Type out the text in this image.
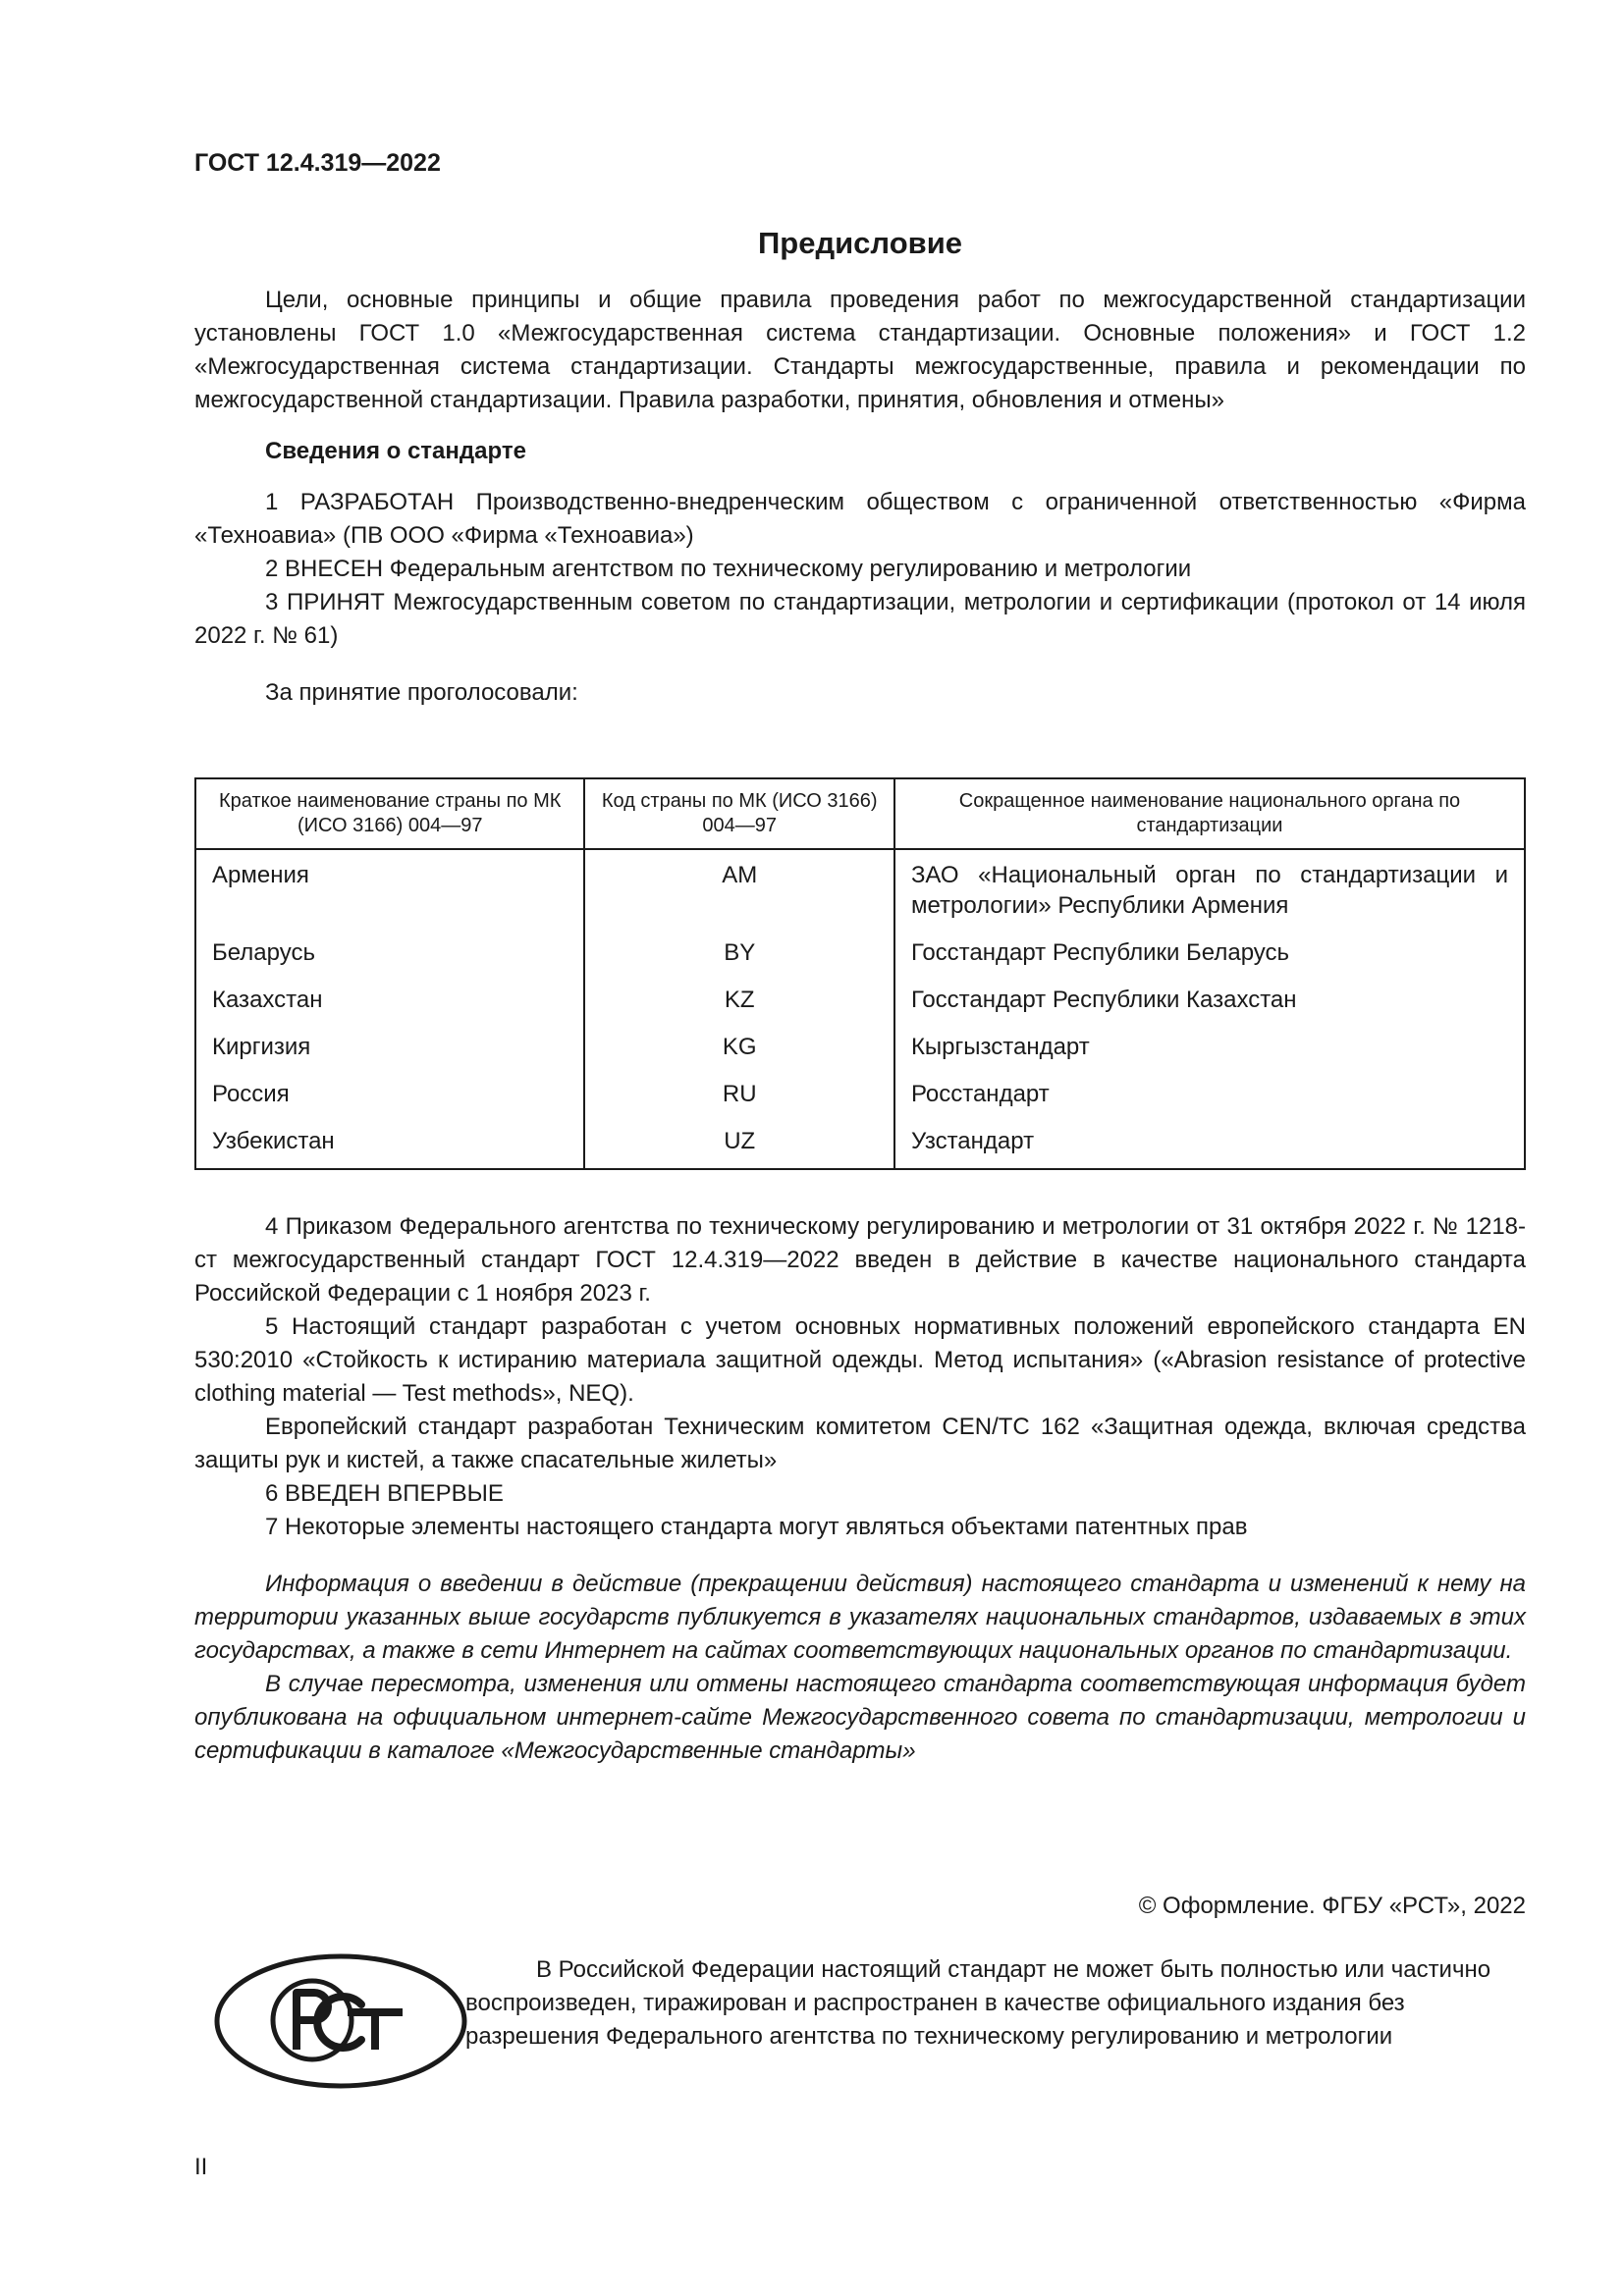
ГОСТ 12.4.319—2022
Предисловие

Цели, основные принципы и общие правила проведения работ по межгосударственной стандартизации установлены ГОСТ 1.0 «Межгосударственная система стандартизации. Основные положения» и ГОСТ 1.2 «Межгосударственная система стандартизации. Стандарты межгосударственные, правила и рекомендации по межгосударственной стандартизации. Правила разработки, принятия, обновления и отмены»

Сведения о стандарте

1 РАЗРАБОТАН Производственно-внедренческим обществом с ограниченной ответственностью «Фирма «Техноавиа» (ПВ ООО «Фирма «Техноавиа»)

2 ВНЕСЕН Федеральным агентством по техническому регулированию и метрологии

3 ПРИНЯТ Межгосударственным советом по стандартизации, метрологии и сертификации (протокол от 14 июля 2022 г. № 61)

За принятие проголосовали:

Краткое наименование страны по МК (ИСО 3166) 004—97	Код страны по МК (ИСО 3166) 004—97	Сокращенное наименование национального органа по стандартизации
Армения	AM	ЗАО «Национальный орган по стандартизации и метрологии» Республики Армения
Беларусь	BY	Госстандарт Республики Беларусь
Казахстан	KZ	Госстандарт Республики Казахстан
Киргизия	KG	Кыргызстандарт
Россия	RU	Росстандарт
Узбекистан	UZ	Узстандарт

4 Приказом Федерального агентства по техническому регулированию и метрологии от 31 октября 2022 г. № 1218-ст межгосударственный стандарт ГОСТ 12.4.319—2022 введен в действие в качестве национального стандарта Российской Федерации с 1 ноября 2023 г.

5 Настоящий стандарт разработан с учетом основных нормативных положений европейского стандарта EN 530:2010 «Стойкость к истиранию материала защитной одежды. Метод испытания» («Abrasion resistance of protective clothing material — Test methods», NEQ).

Европейский стандарт разработан Техническим комитетом CEN/TC 162 «Защитная одежда, включая средства защиты рук и кистей, а также спасательные жилеты»

6 ВВЕДЕН ВПЕРВЫЕ

7 Некоторые элементы настоящего стандарта могут являться объектами патентных прав

Информация о введении в действие (прекращении действия) настоящего стандарта и изменений к нему на территории указанных выше государств публикуется в указателях национальных стандартов, издаваемых в этих государствах, а также в сети Интернет на сайтах соответствующих национальных органов по стандартизации.

В случае пересмотра, изменения или отмены настоящего стандарта соответствующая информация будет опубликована на официальном интернет-сайте Межгосударственного совета по стандартизации, метрологии и сертификации в каталоге «Межгосударственные стандарты»

© Оформление. ФГБУ «РСТ», 2022

В Российской Федерации настоящий стандарт не может быть полностью или частично воспроизведен, тиражирован и распространен в качестве официального издания без разрешения Федерального агентства по техническому регулированию и метрологии

II
